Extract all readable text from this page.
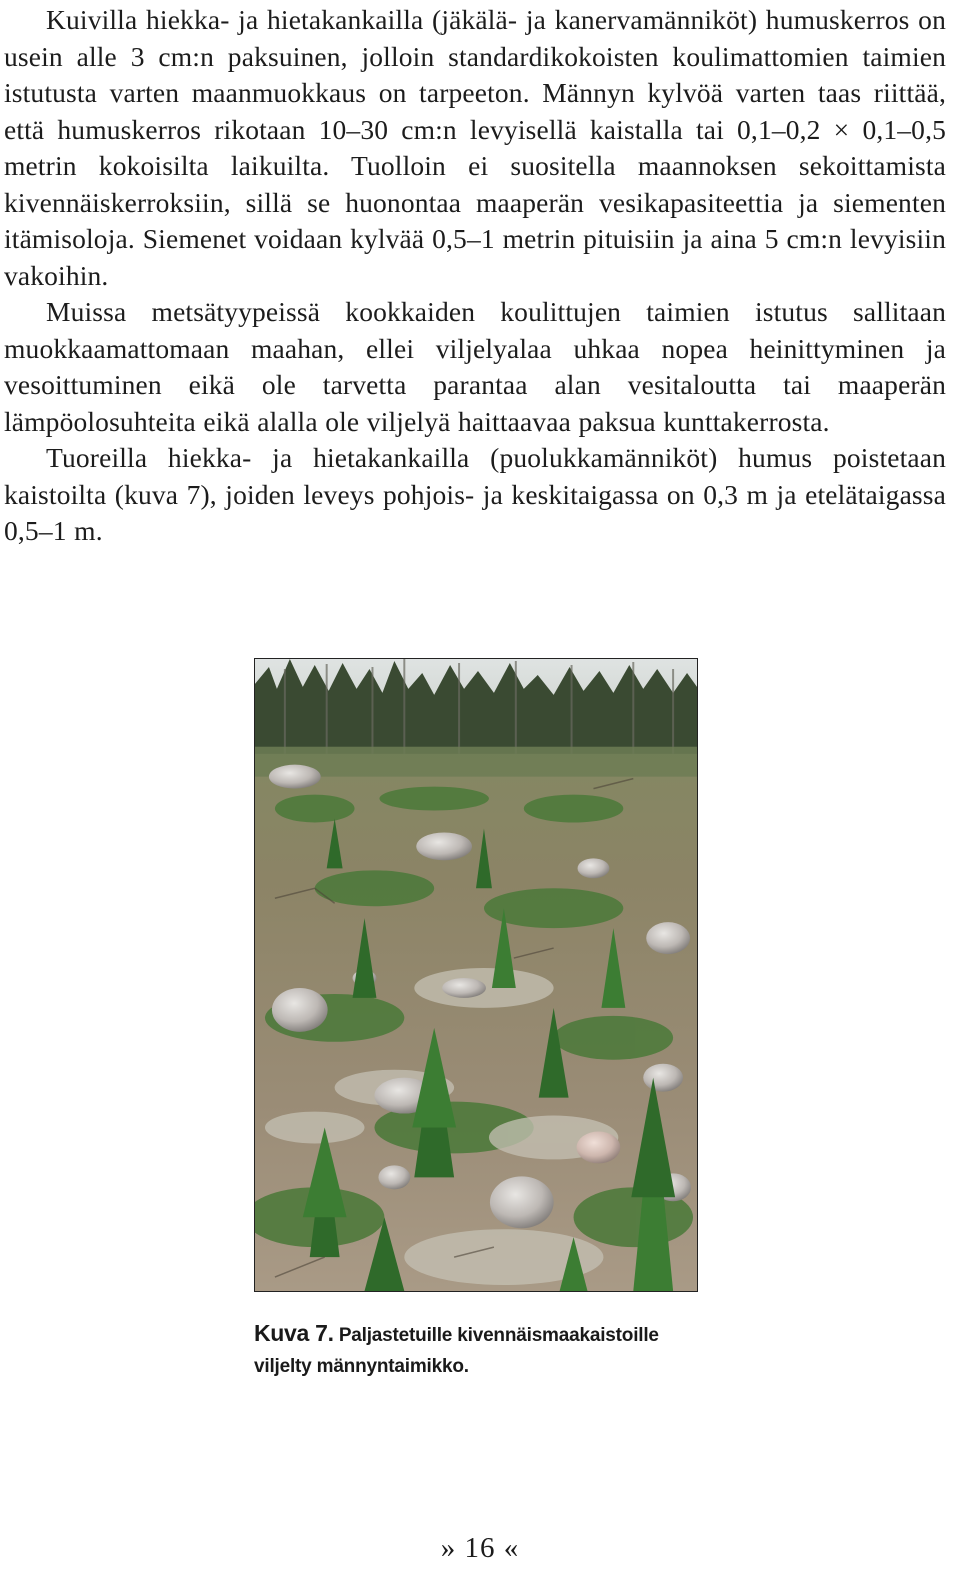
Kuivilla hiekka- ja hietakankailla (jäkälä- ja kanervamänniköt) humuskerros on usein alle 3 cm:n paksuinen, jolloin standardikokoisten koulimattomien taimien istutusta varten maanmuokkaus on tarpeeton. Männyn kylvöä varten taas riittää, että humuskerros rikotaan 10–30 cm:n levyisellä kaistalla tai 0,1–0,2 × 0,1–0,5 metrin kokoisilta laikuilta. Tuolloin ei suositella maannoksen sekoittamista kivennäiskerroksiin, sillä se huonontaa maaperän vesikapasiteettia ja siementen itämisoloja. Siemenet voidaan kylvää 0,5–1 metrin pituisiin ja aina 5 cm:n levyisiin vakoihin.

Muissa metsätyypeissä kookkaiden koulittujen taimien istutus sallitaan muokkaamattomaan maahan, ellei viljelyalaa uhkaa nopea heinittyminen ja vesoittuminen eikä ole tarvetta parantaa alan vesitaloutta tai maaperän lämpöolosuhteita eikä alalla ole viljelyä haittaavaa paksua kunttakerrosta.

Tuoreilla hiekka- ja hietakankailla (puolukkamänniköt) humus poistetaan kaistoilta (kuva 7), joiden leveys pohjois- ja keskitaigassa on 0,3 m ja etelätaigassa 0,5–1 m.

Kuva 7. Paljastetuille kivennäismaakaistoille viljelty männyntaimikko.
» 16 «
